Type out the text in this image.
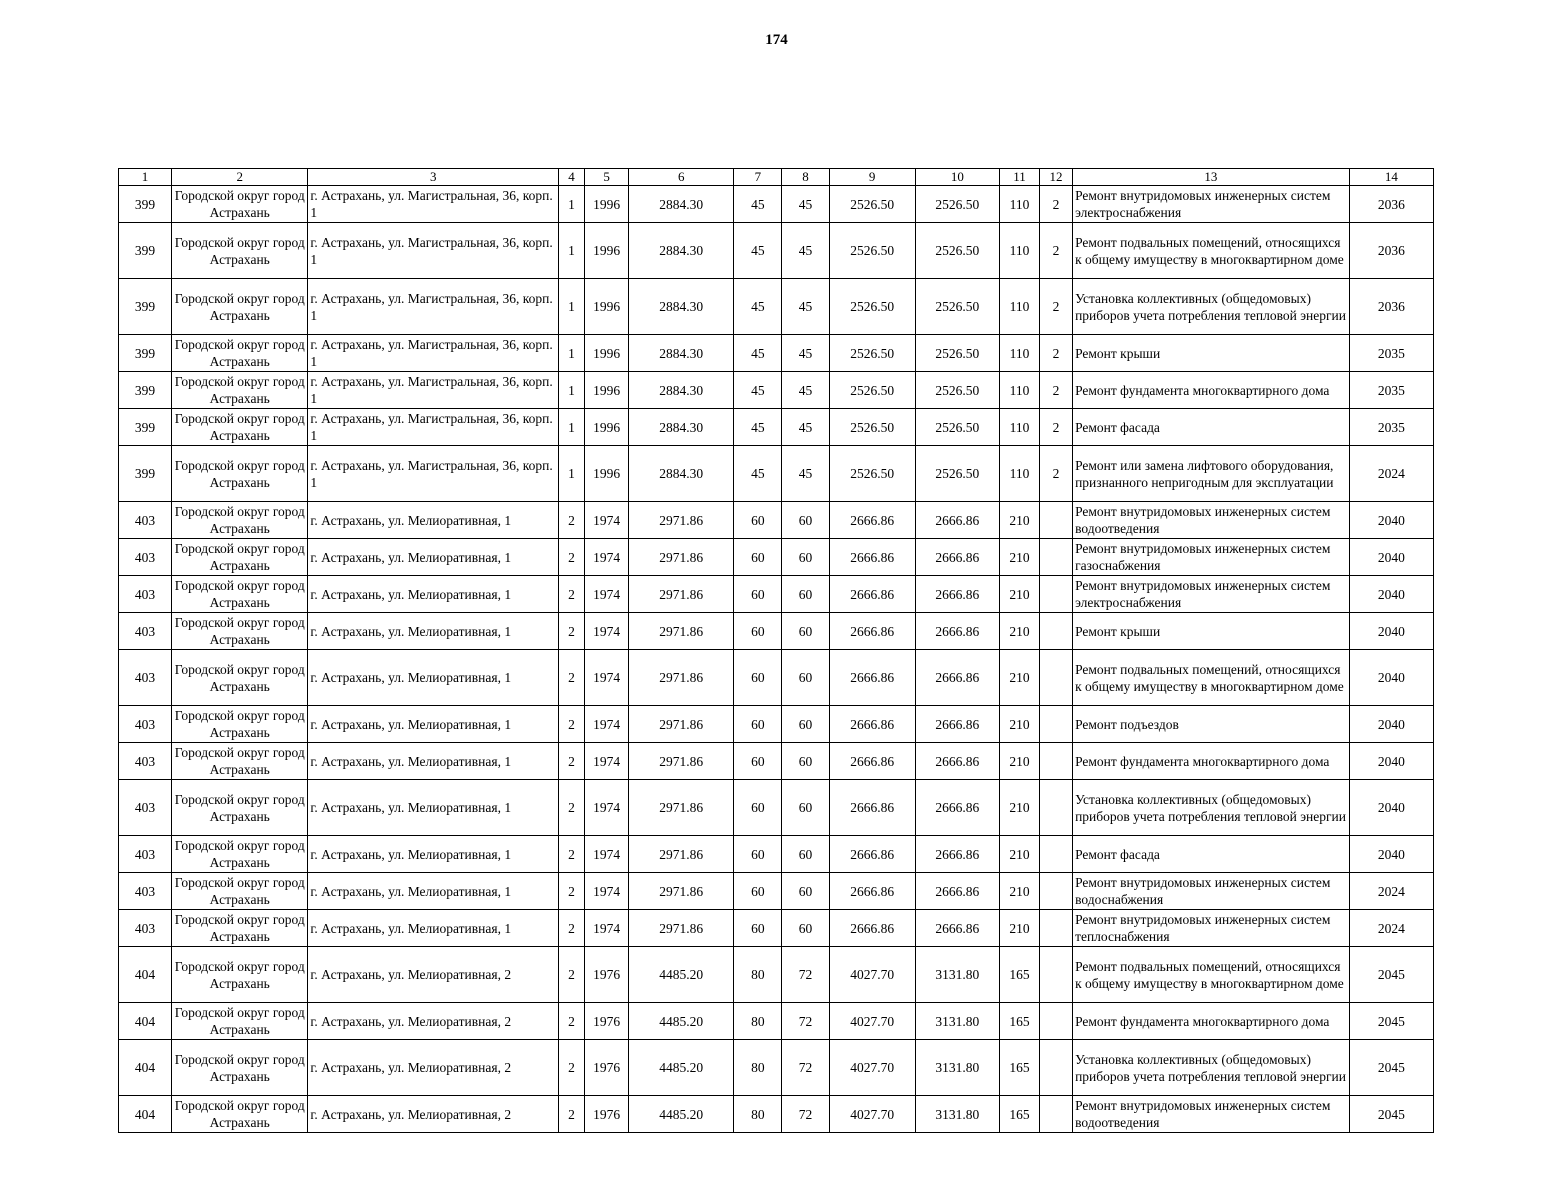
174
1	2	3	4	5	6	7	8	9	10	11	12	13	14
399	Городской округ город Астрахань	г. Астрахань, ул. Магистральная, 36, корп. 1	1	1996	2884.30	45	45	2526.50	2526.50	110	2	Ремонт внутридомовых инженерных систем электроснабжения	2036
399	Городской округ город Астрахань	г. Астрахань, ул. Магистральная, 36, корп. 1	1	1996	2884.30	45	45	2526.50	2526.50	110	2	Ремонт подвальных помещений, относящихся к общему имуществу в многоквартирном доме	2036
399	Городской округ город Астрахань	г. Астрахань, ул. Магистральная, 36, корп. 1	1	1996	2884.30	45	45	2526.50	2526.50	110	2	Установка коллективных (общедомовых) приборов учета потребления тепловой энергии	2036
399	Городской округ город Астрахань	г. Астрахань, ул. Магистральная, 36, корп. 1	1	1996	2884.30	45	45	2526.50	2526.50	110	2	Ремонт крыши	2035
399	Городской округ город Астрахань	г. Астрахань, ул. Магистральная, 36, корп. 1	1	1996	2884.30	45	45	2526.50	2526.50	110	2	Ремонт фундамента многоквартирного дома	2035
399	Городской округ город Астрахань	г. Астрахань, ул. Магистральная, 36, корп. 1	1	1996	2884.30	45	45	2526.50	2526.50	110	2	Ремонт фасада	2035
399	Городской округ город Астрахань	г. Астрахань, ул. Магистральная, 36, корп. 1	1	1996	2884.30	45	45	2526.50	2526.50	110	2	Ремонт или замена лифтового оборудования, признанного непригодным для эксплуатации	2024
403	Городской округ город Астрахань	г. Астрахань, ул. Мелиоративная, 1	2	1974	2971.86	60	60	2666.86	2666.86	210		Ремонт внутридомовых инженерных систем водоотведения	2040
403	Городской округ город Астрахань	г. Астрахань, ул. Мелиоративная, 1	2	1974	2971.86	60	60	2666.86	2666.86	210		Ремонт внутридомовых инженерных систем газоснабжения	2040
403	Городской округ город Астрахань	г. Астрахань, ул. Мелиоративная, 1	2	1974	2971.86	60	60	2666.86	2666.86	210		Ремонт внутридомовых инженерных систем электроснабжения	2040
403	Городской округ город Астрахань	г. Астрахань, ул. Мелиоративная, 1	2	1974	2971.86	60	60	2666.86	2666.86	210		Ремонт крыши	2040
403	Городской округ город Астрахань	г. Астрахань, ул. Мелиоративная, 1	2	1974	2971.86	60	60	2666.86	2666.86	210		Ремонт подвальных помещений, относящихся к общему имуществу в многоквартирном доме	2040
403	Городской округ город Астрахань	г. Астрахань, ул. Мелиоративная, 1	2	1974	2971.86	60	60	2666.86	2666.86	210		Ремонт подъездов	2040
403	Городской округ город Астрахань	г. Астрахань, ул. Мелиоративная, 1	2	1974	2971.86	60	60	2666.86	2666.86	210		Ремонт фундамента многоквартирного дома	2040
403	Городской округ город Астрахань	г. Астрахань, ул. Мелиоративная, 1	2	1974	2971.86	60	60	2666.86	2666.86	210		Установка коллективных (общедомовых) приборов учета потребления тепловой энергии	2040
403	Городской округ город Астрахань	г. Астрахань, ул. Мелиоративная, 1	2	1974	2971.86	60	60	2666.86	2666.86	210		Ремонт фасада	2040
403	Городской округ город Астрахань	г. Астрахань, ул. Мелиоративная, 1	2	1974	2971.86	60	60	2666.86	2666.86	210		Ремонт внутридомовых инженерных систем водоснабжения	2024
403	Городской округ город Астрахань	г. Астрахань, ул. Мелиоративная, 1	2	1974	2971.86	60	60	2666.86	2666.86	210		Ремонт внутридомовых инженерных систем теплоснабжения	2024
404	Городской округ город Астрахань	г. Астрахань, ул. Мелиоративная, 2	2	1976	4485.20	80	72	4027.70	3131.80	165		Ремонт подвальных помещений, относящихся к общему имуществу в многоквартирном доме	2045
404	Городской округ город Астрахань	г. Астрахань, ул. Мелиоративная, 2	2	1976	4485.20	80	72	4027.70	3131.80	165		Ремонт фундамента многоквартирного дома	2045
404	Городской округ город Астрахань	г. Астрахань, ул. Мелиоративная, 2	2	1976	4485.20	80	72	4027.70	3131.80	165		Установка коллективных (общедомовых) приборов учета потребления тепловой энергии	2045
404	Городской округ город Астрахань	г. Астрахань, ул. Мелиоративная, 2	2	1976	4485.20	80	72	4027.70	3131.80	165		Ремонт внутридомовых инженерных систем водоотведения	2045
